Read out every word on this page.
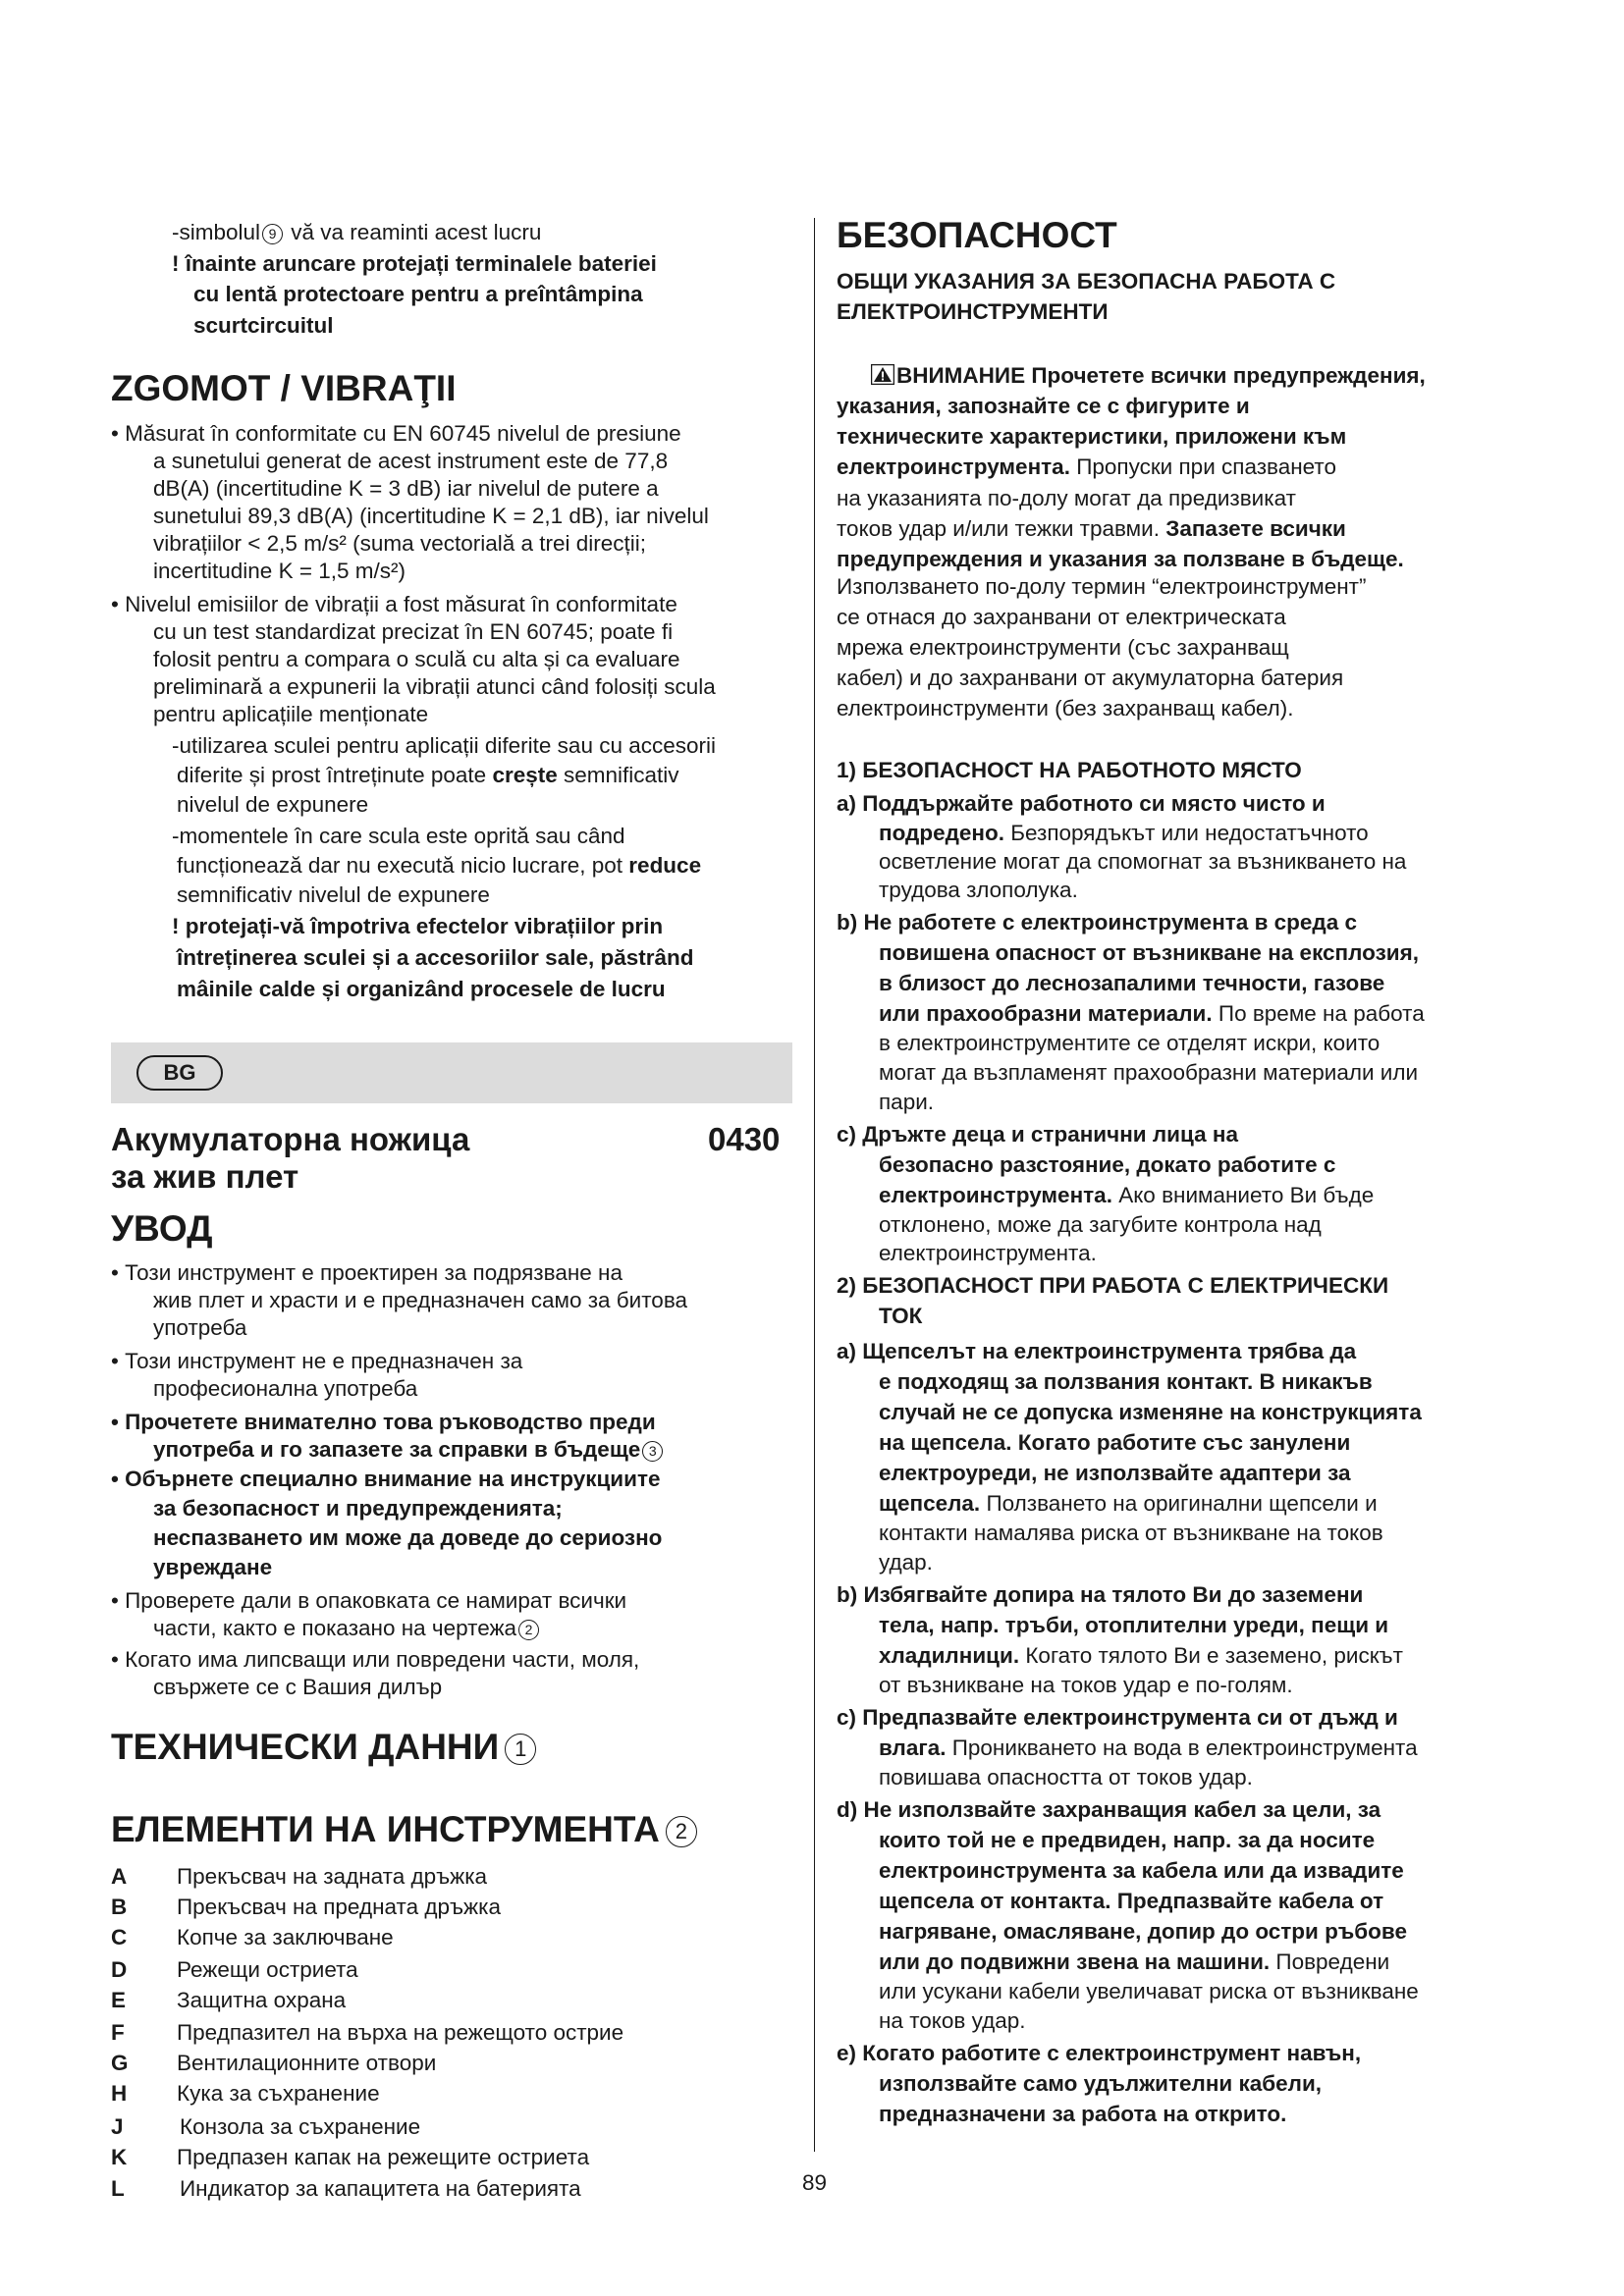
-simbolul 9 vă va reaminti acest lucru
! înainte aruncare protejați terminalele bateriei
cu lentă protectoare pentru a preîntâmpina
scurtcircuitul
ZGOMOT / VIBRAŢII
• Măsurat în conformitate cu EN 60745 nivelul de presiune
a sunetului generat de acest instrument este de 77,8
dB(A) (incertitudine K = 3 dB) iar nivelul de putere a
sunetului 89,3 dB(A) (incertitudine K = 2,1 dB), iar nivelul
vibrațiilor < 2,5 m/s² (suma vectorială a trei direcții;
incertitudine K = 1,5 m/s²)
• Nivelul emisiilor de vibrații a fost măsurat în conformitate
cu un test standardizat precizat în EN 60745; poate fi
folosit pentru a compara o sculă cu alta și ca evaluare
preliminară a expunerii la vibrații atunci când folosiți scula
pentru aplicațiile menționate
-utilizarea sculei pentru aplicații diferite sau cu accesorii
diferite și prost întreținute poate crește semnificativ
nivelul de expunere
-momentele în care scula este oprită sau când
funcționează dar nu execută nicio lucrare, pot reduce
semnificativ nivelul de expunere
! protejați-vă împotriva efectelor vibrațiilor prin
întreținerea sculei și a accesoriilor sale, păstrând
mâinile calde și organizând procesele de lucru
BG
Акумулаторна ножица
за жив плет
0430
УВОД
• Този инструмент е проектирен за подрязване на
жив плет и храсти и е предназначен само за битова
употреба
• Този инструмент не е предназначен за
професионална употреба
• Прочетете внимателно това ръководство преди
употреба и го запазете за справки в бъдеще 3
• Обърнете специално внимание на инструкциите
за безопасност и предупрежденията;
неспазването им може да доведе до сериозно
увреждане
• Проверете дали в опаковката се намират всички
части, както е показано на чертежа 2
• Когато има липсващи или повредени части, моля,
свържете се с Вашия дилър
ТЕХНИЧЕСКИ ДАННИ 1
ЕЛЕМЕНТИ НА ИНСТРУМЕНТА 2
A Прекъсвач на задната дръжка
B Прекъсвач на предната дръжка
C Копче за заключване
D Режещи остриета
E Защитна охрана
F Предпазител на върха на режещото острие
G Вентилационните отвори
H Кука за съхранение
J	Конзола за съхранение
K Предпазен капак на режещите остриета
L	Индикатор за капацитета на батерията
БЕЗОПАСНОСТ
ОБЩИ УКАЗАНИЯ ЗА БЕЗОПАСНА РАБОТА С
ЕЛЕКТРОИНСТРУМЕНТИ
ВНИМАНИЕ Прочетете всички предупреждения,
указания, запознайте се с фигурите и
техническите характеристики, приложени към
електроинструмента. Пропуски при спазването
на указанията по-долу могат да предизвикат
токов удар и/или тежки травми. Запазете всички
предупреждения и указания за ползване в бъдеще.
Използването по-долу термин “електроинструмент”
се отнася до захранвани от електрическата
мрежа електроинструменти (със захранващ
кабел) и до захранвани от акумулаторна батерия
електроинструменти (без захранващ кабел).
1) БЕЗОПАСНОСТ НА РАБОТНОТО МЯСТО
a) Поддържайте работното си място чисто и
подредено. Безпорядъкът или недостатъчното
осветление могат да спомогнат за възникването на
трудова злополука.
b) Не работете с електроинструмента в среда с
повишена опасност от възникване на експлозия,
в близост до леснозапалими течности, газове
или прахообразни материали. По време на работа
в електроинструментите се отделят искри, които
могат да възпламенят прахообразни материали или
пари.
c) Дръжте деца и странични лица на
безопасно разстояние, докато работите с
електроинструмента. Ако вниманието Ви бъде
отклонено, може да загубите контрола над
електроинструмента.
2) БЕЗОПАСНОСТ ПРИ РАБОТА С ЕЛЕКТРИЧЕСКИ
ТОК
a) Щепселът на електроинструмента трябва да
е подходящ за ползвания контакт. В никакъв
случай не се допуска изменяне на конструкцията
на щепсела. Когато работите със занулени
електроуреди, не използвайте адаптери за
щепсела. Ползването на оригинални щепсели и
контакти намалява риска от възникване на токов
удар.
b) Избягвайте допира на тялото Ви до заземени
тела, напр. тръби, отоплителни уреди, пещи и
хладилници. Когато тялото Ви е заземено, рискът
от възникване на токов удар е по-голям.
c) Предпазвайте електроинструмента си от дъжд и
влага. Проникването на вода в електроинструмента
повишава опасността от токов удар.
d) Не използвайте захранващия кабел за цели, за
които той не е предвиден, напр. за да носите
електроинструмента за кабела или да извадите
щепсела от контакта. Предпазвайте кабела от
нагряване, омасляване, допир до остри ръбове
или до подвижни звена на машини. Повредени
или усукани кабели увеличават риска от възникване
на токов удар.
e) Когато работите с електроинструмент навън,
използвайте само удължителни кабели,
предназначени за работа на открито.
89
